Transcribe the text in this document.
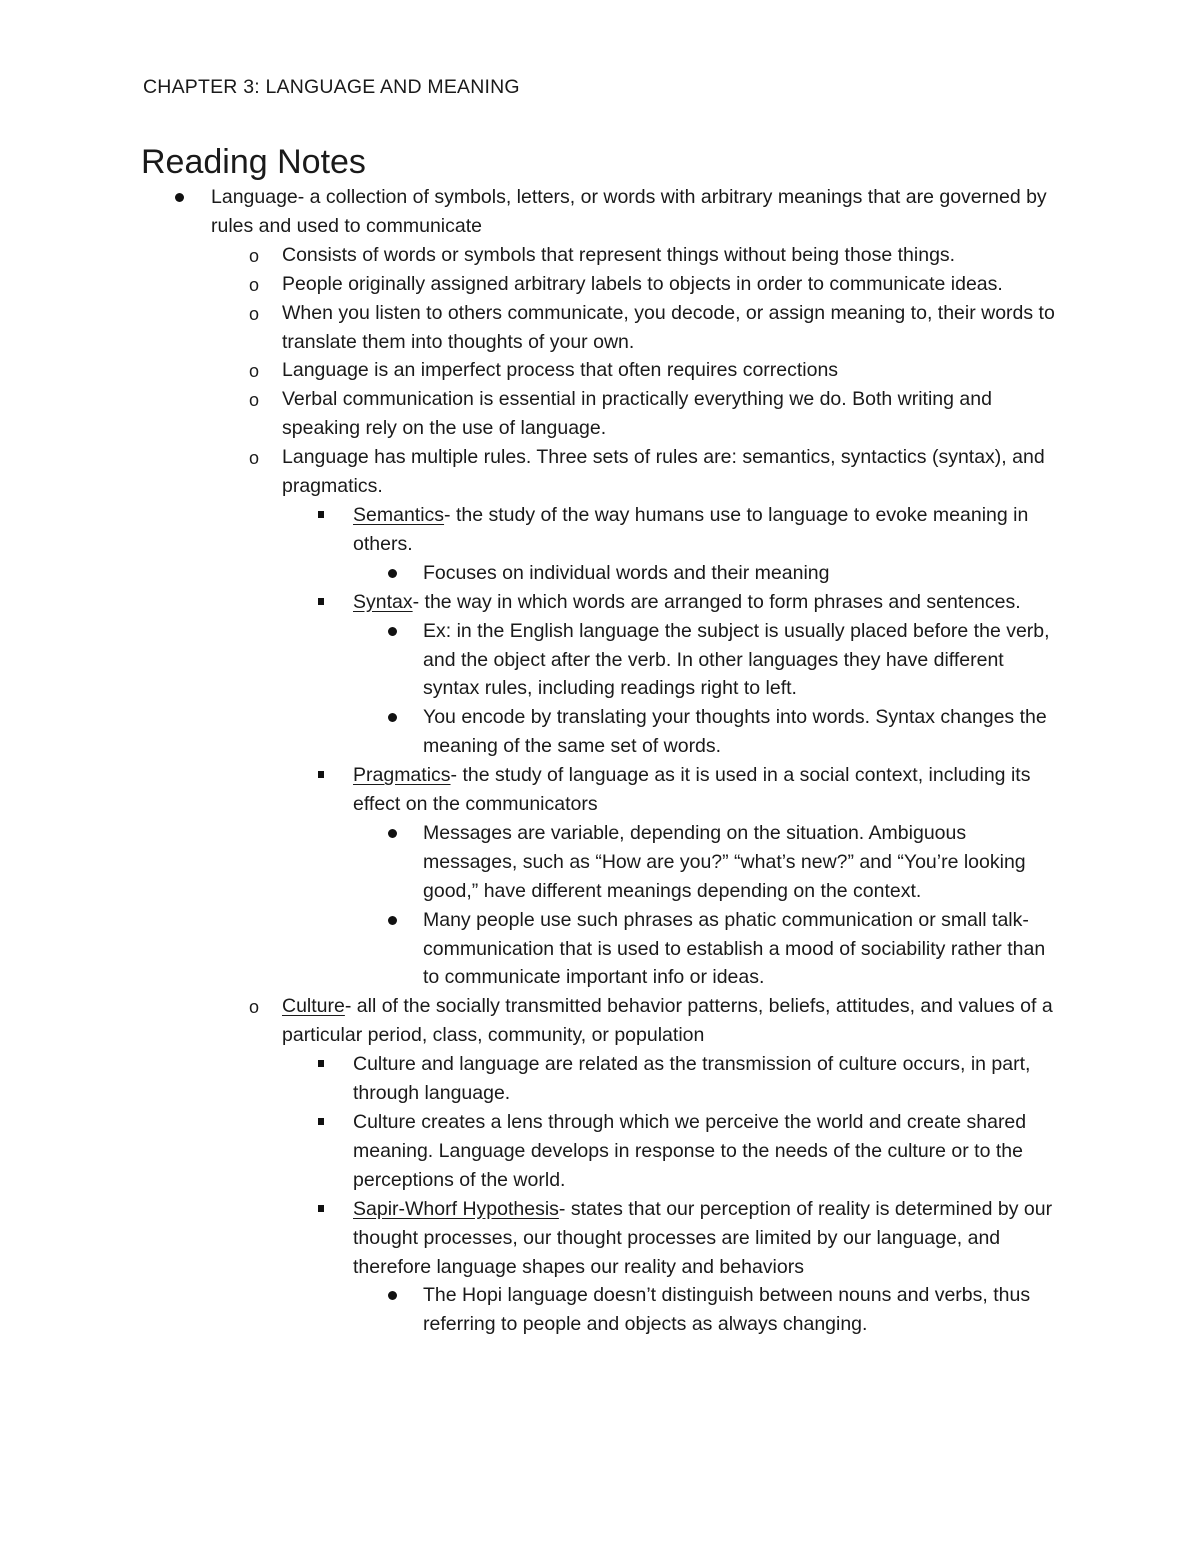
CHAPTER 3: LANGUAGE AND MEANING
Reading Notes
Language- a collection of symbols, letters, or words with arbitrary meanings that are governed by rules and used to communicate
o Consists of words or symbols that represent things without being those things.
o People originally assigned arbitrary labels to objects in order to communicate ideas.
o When you listen to others communicate, you decode, or assign meaning to, their words to translate them into thoughts of your own.
o Language is an imperfect process that often requires corrections
o Verbal communication is essential in practically everything we do. Both writing and speaking rely on the use of language.
o Language has multiple rules. Three sets of rules are: semantics, syntactics (syntax), and pragmatics.
Semantics- the study of the way humans use to language to evoke meaning in others.
Focuses on individual words and their meaning
Syntax- the way in which words are arranged to form phrases and sentences.
Ex: in the English language the subject is usually placed before the verb, and the object after the verb. In other languages they have different syntax rules, including readings right to left.
You encode by translating your thoughts into words. Syntax changes the meaning of the same set of words.
Pragmatics- the study of language as it is used in a social context, including its effect on the communicators
Messages are variable, depending on the situation. Ambiguous messages, such as “How are you?” “what’s new?” and “You’re looking good,” have different meanings depending on the context.
Many people use such phrases as phatic communication or small talk- communication that is used to establish a mood of sociability rather than to communicate important info or ideas.
o Culture- all of the socially transmitted behavior patterns, beliefs, attitudes, and values of a particular period, class, community, or population
Culture and language are related as the transmission of culture occurs, in part, through language.
Culture creates a lens through which we perceive the world and create shared meaning. Language develops in response to the needs of the culture or to the perceptions of the world.
Sapir-Whorf Hypothesis- states that our perception of reality is determined by our thought processes, our thought processes are limited by our language, and therefore language shapes our reality and behaviors
The Hopi language doesn’t distinguish between nouns and verbs, thus referring to people and objects as always changing.
